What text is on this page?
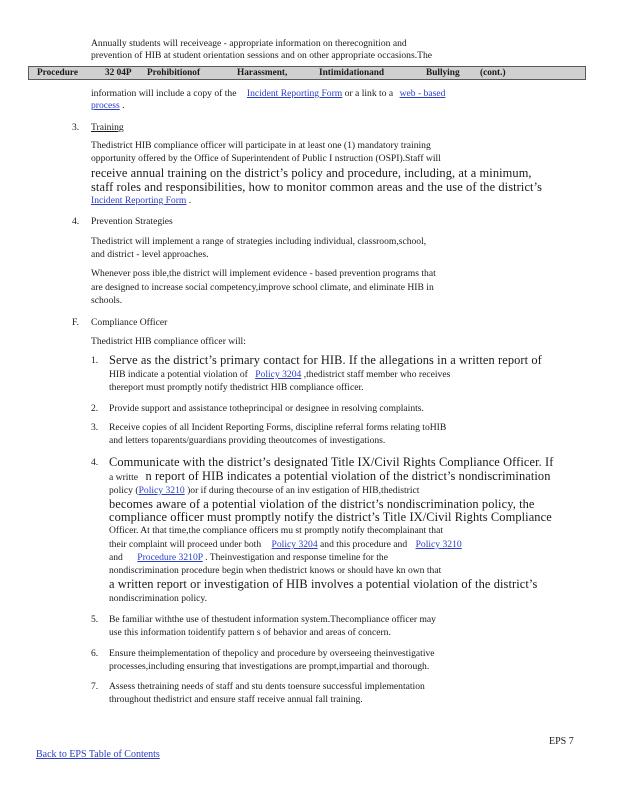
Annually students will receiveage - appropriate information on therecognition and
prevention of HIB at student orientation sessions and on other appropriate occasions.The
Procedure	32 04P Prohibitionof	Harassment,	Intimidationand	Bullying (cont.)
information will include a copy of the Incident Reporting Form or a link to a web - based
process .
3. Training
Thedistrict HIB compliance officer will participate in at least one (1) mandatory training
opportunity offered by the Office of Superintendent of Public I nstruction (OSPI).Staff will
receive annual training on the district’s policy and procedure, including, at a minimum,
staff roles and responsibilities, how to monitor common areas and the use of the district’s
Incident Reporting Form .
4. Prevention Strategies
Thedistrict will implement a range of strategies including individual, classroom,school,
and district - level approaches.
Whenever poss ible,the district will implement evidence - based prevention programs that
are designed to increase social competency,improve school climate, and eliminate HIB in
schools.
F. Compliance Officer
Thedistrict HIB compliance officer will:
1. Serve as the district’s primary contact for HIB. If the allegations in a written report of
HIB indicate a potential violation of Policy 3204 ,thedistrict staff member who receives
thereport must promptly notify thedistrict HIB compliance officer.
2. Provide support and assistance totheprincipal or designee in resolving complaints.
3. Receive copies of all Incident Reporting Forms, discipline referral forms relating toHIB
and letters toparents/guardians providing theoutcomes of investigations.
4. Communicate with the district’s designated Title IX/Civil Rights Compliance Officer. If
a writte n report of HIB indicates a potential violation of the district’s nondiscrimination
policy (Policy 3210 )or if during thecourse of an inv estigation of HIB,thedistrict
becomes aware of a potential violation of the district’s nondiscrimination policy, the
compliance officer must promptly notify the district’s Title IX/Civil Rights Compliance
Officer. At that time,the compliance officers mu st promptly notify thecomplainant that
their complaint will proceed under both Policy 3204 and this procedure and Policy 3210
and Procedure 3210P . Theinvestigation and response timeline for the
nondiscrimination procedure begin when thedistrict knows or should have kn own that
a written report or investigation of HIB involves a potential violation of the district’s
nondiscrimination policy.
5. Be familiar withthe use of thestudent information system.Thecompliance officer may
use this information toidentify pattern s of behavior and areas of concern.
6. Ensure theimplementation of thepolicy and procedure by overseeing theinvestigative
processes,including ensuring that investigations are prompt,impartial and thorough.
7. Assess thetraining needs of staff and stu dents toensure successful implementation
throughout thedistrict and ensure staff receive annual fall training.
EPS 7
Back to EPS Table of Contents
